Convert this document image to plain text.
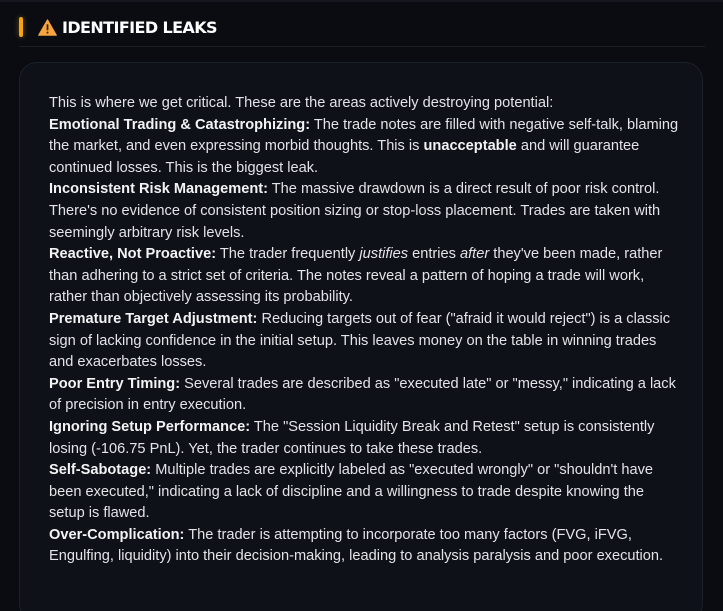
IDENTIFIED LEAKS

This is where we get critical. These are the areas actively destroying potential:

Emotional Trading & Catastrophizing: The trade notes are filled with negative self-talk, blaming the market, and even expressing morbid thoughts. This is unacceptable and will guarantee continued losses. This is the biggest leak.

Inconsistent Risk Management: The massive drawdown is a direct result of poor risk control. There's no evidence of consistent position sizing or stop-loss placement. Trades are taken with seemingly arbitrary risk levels.

Reactive, Not Proactive: The trader frequently justifies entries after they've been made, rather than adhering to a strict set of criteria. The notes reveal a pattern of hoping a trade will work, rather than objectively assessing its probability.

Premature Target Adjustment: Reducing targets out of fear ("afraid it would reject") is a classic sign of lacking confidence in the initial setup. This leaves money on the table in winning trades and exacerbates losses.

Poor Entry Timing: Several trades are described as "executed late" or "messy," indicating a lack of precision in entry execution.

Ignoring Setup Performance: The "Session Liquidity Break and Retest" setup is consistently losing (-106.75 PnL). Yet, the trader continues to take these trades.

Self-Sabotage: Multiple trades are explicitly labeled as "executed wrongly" or "shouldn't have been executed," indicating a lack of discipline and a willingness to trade despite knowing the setup is flawed.

Over-Complication: The trader is attempting to incorporate too many factors (FVG, iFVG, Engulfing, liquidity) into their decision-making, leading to analysis paralysis and poor execution.
